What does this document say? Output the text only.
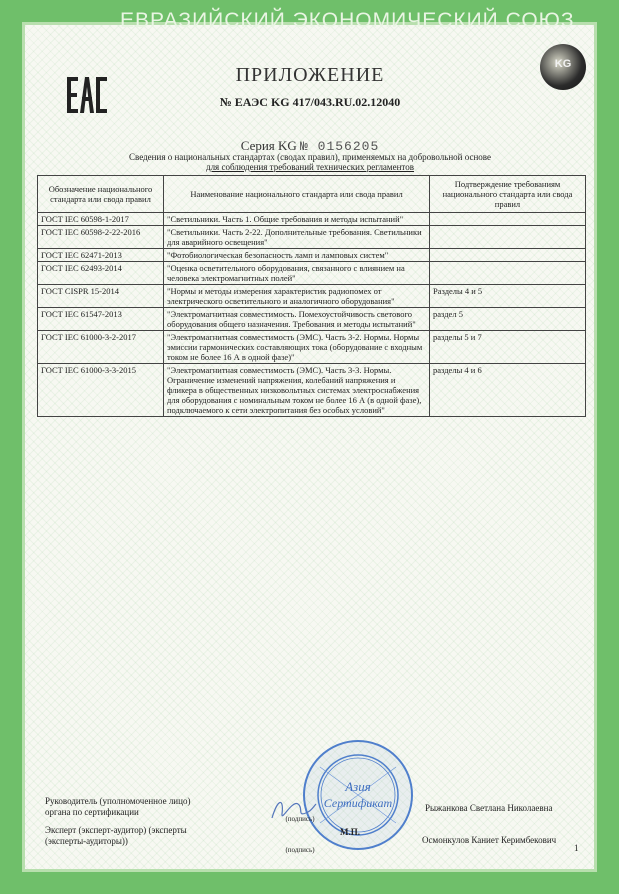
ЕВРАЗИЙСКИЙ ЭКОНОМИЧЕСКИЙ СОЮЗ
KG
ПРИЛОЖЕНИЕ
№ ЕАЭС KG 417/043.RU.02.12040
Серия KG № 0156205
Сведения о национальных стандартах (сводах правил), применяемых на добровольной основе
для соблюдения требований технических регламентов
Обозначение национального стандарта или свода правил	Наименование национального стандарта или свода правил	Подтверждение требованиям национального стандарта или свода правил
ГОСТ IEC 60598-1-2017	"Светильники. Часть 1. Общие требования и методы испытаний"	
ГОСТ IEC 60598-2-22-2016	"Светильники. Часть 2-22. Дополнительные требования. Светильники для аварийного освещения"	
ГОСТ IEC 62471-2013	"Фотобиологическая безопасность ламп и ламповых систем"	
ГОСТ IEC 62493-2014	"Оценка осветительного оборудования, связанного с влиянием на человека электромагнитных полей"	
ГОСТ CISPR 15-2014	"Нормы и методы измерения характеристик радиопомех от электрического осветительного и аналогичного оборудования"	Разделы 4 и 5
ГОСТ IEC 61547-2013	"Электромагнитная совместимость. Помехоустойчивость светового оборудования общего назначения. Требования и методы испытаний"	раздел 5
ГОСТ IEC 61000-3-2-2017	"Электромагнитная совместимость (ЭМС). Часть 3-2. Нормы. Нормы эмиссии гармонических составляющих тока (оборудование с входным током не более 16 А в одной фазе)"	разделы 5 и 7
ГОСТ IEC 61000-3-3-2015	"Электромагнитная совместимость (ЭМС). Часть 3-3. Нормы. Ограничение изменений напряжения, колебаний напряжения и фликера в общественных низковольтных системах электроснабжения для оборудования с номинальным током не более 16 А (в одной фазе), подключаемого к сети электропитания без особых условий"	разделы 4 и 6
Азия
Сертификат
Руководитель (уполномоченное лицо) органа по сертификации
(подпись)
Рыжанкова Светлана Николаевна
М.П.
Эксперт (эксперт-аудитор) (эксперты (эксперты-аудиторы))
(подпись)
Осмонкулов Каниет Керимбекович
1
